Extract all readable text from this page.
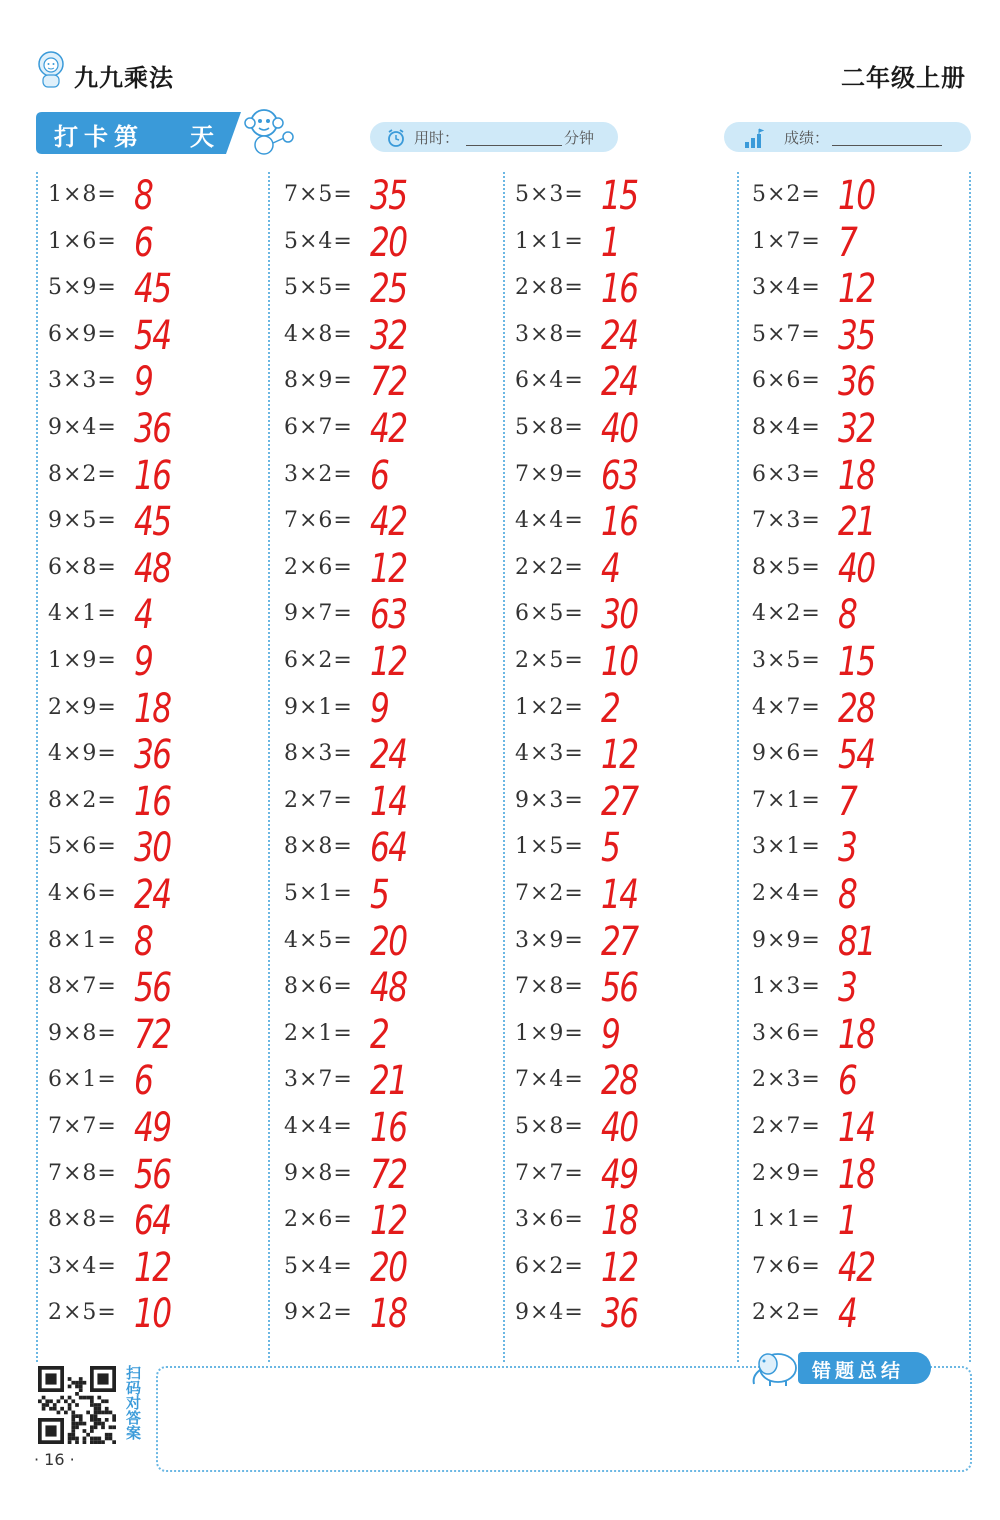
九九乘法	二年级上册
打卡第 天	用时：	分钟	成绩：
1×8= 8
1×6= 6
5×9= 45
6×9= 54
3×3= 9
9×4= 36
8×2= 16
9×5= 45
6×8= 48
4×1= 4
1×9= 9
2×9= 18
4×9= 36
8×2= 16
5×6= 30
4×6= 24
8×1= 8
8×7= 56
9×8= 72
6×1= 6
7×7= 49
7×8= 56
8×8= 64
3×4= 12
2×5= 10
7×5= 35
5×4= 20
5×5= 25
4×8= 32
8×9= 72
6×7= 42
3×2= 6
7×6= 42
2×6= 12
9×7= 63
6×2= 12
9×1= 9
8×3= 24
2×7= 14
8×8= 64
5×1= 5
4×5= 20
8×6= 48
2×1= 2
3×7= 21
4×4= 16
9×8= 72
2×6= 12
5×4= 20
9×2= 18
5×3= 15
1×1= 1
2×8= 16
3×8= 24
6×4= 24
5×8= 40
7×9= 63
4×4= 16
2×2= 4
6×5= 30
2×5= 10
1×2= 2
4×3= 12
9×3= 27
1×5= 5
7×2= 14
3×9= 27
7×8= 56
1×9= 9
7×4= 28
5×8= 40
7×7= 49
3×6= 18
6×2= 12
9×4= 36
5×2= 10
1×7= 7
3×4= 12
5×7= 35
6×6= 36
8×4= 32
6×3= 18
7×3= 21
8×5= 40
4×2= 8
3×5= 15
4×7= 28
9×6= 54
7×1= 7
3×1= 3
2×4= 8
9×9= 81
1×3= 3
3×6= 18
2×3= 6
2×7= 14
2×9= 18
1×1= 1
7×6= 42
2×2= 4
扫码对答案
· 16 ·
错题总结
